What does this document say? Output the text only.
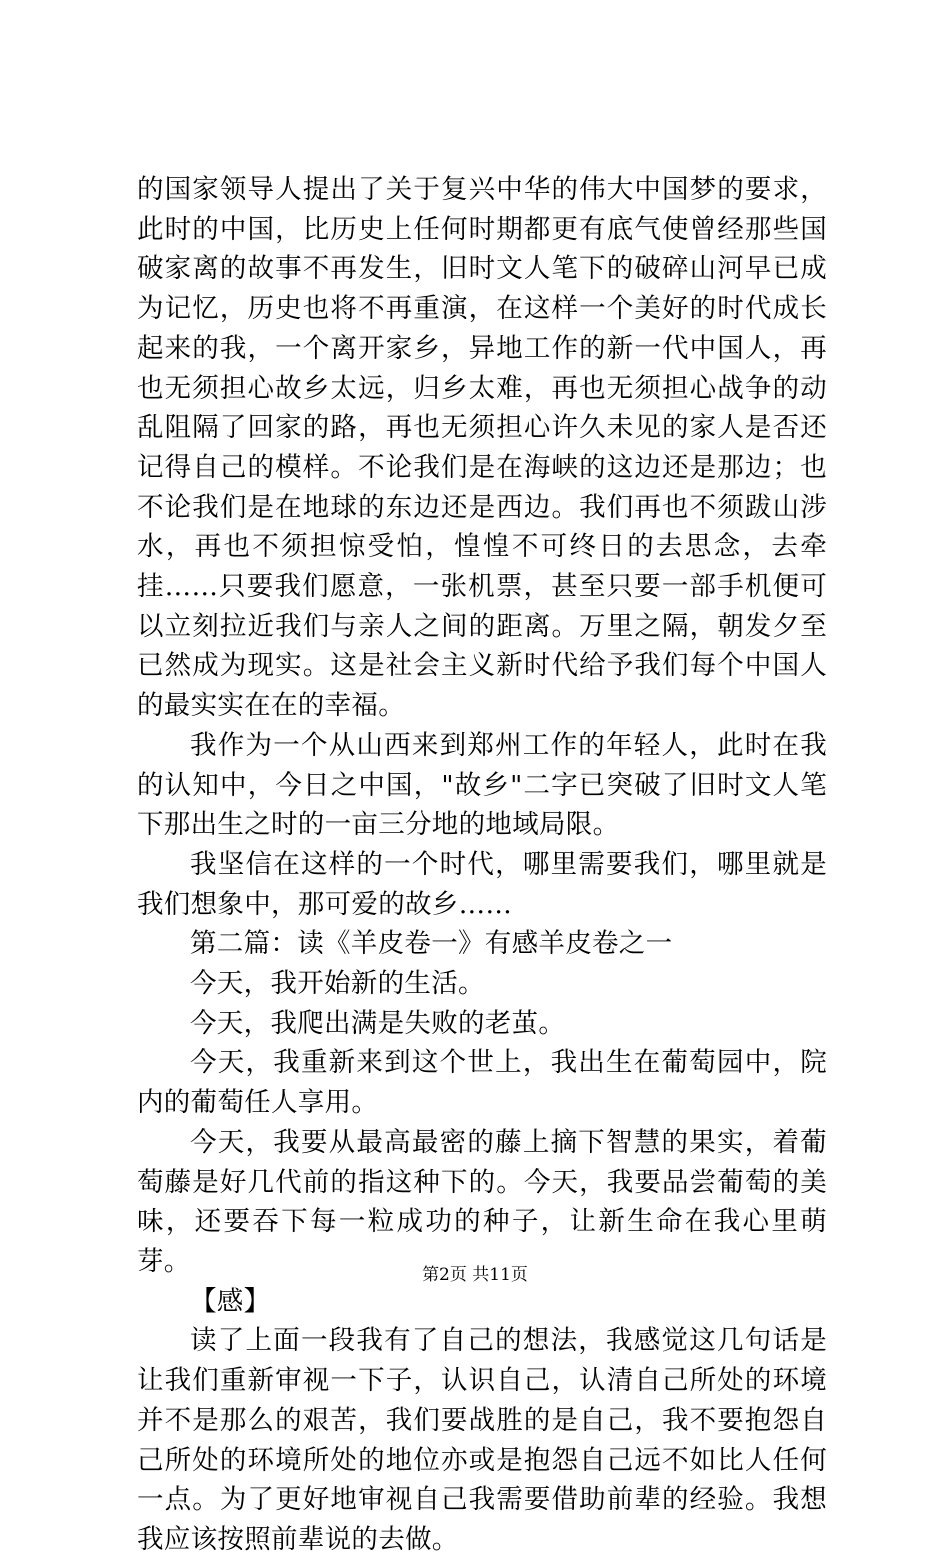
的国家领导人提出了关于复兴中华的伟大中国梦的要求，此时的中国，比历史上任何时期都更有底气使曾经那些国破家离的故事不再发生，旧时文人笔下的破碎山河早已成为记忆，历史也将不再重演，在这样一个美好的时代成长起来的我，一个离开家乡，异地工作的新一代中国人，再也无须担心故乡太远，归乡太难，再也无须担心战争的动乱阻隔了回家的路，再也无须担心许久未见的家人是否还记得自己的模样。不论我们是在海峡的这边还是那边；也不论我们是在地球的东边还是西边。我们再也不须跋山涉水，再也不须担惊受怕，惶惶不可终日的去思念，去牵挂……只要我们愿意，一张机票，甚至只要一部手机便可以立刻拉近我们与亲人之间的距离。万里之隔，朝发夕至已然成为现实。这是社会主义新时代给予我们每个中国人的最实实在在的幸福。

我作为一个从山西来到郑州工作的年轻人，此时在我的认知中，今日之中国，"故乡"二字已突破了旧时文人笔下那出生之时的一亩三分地的地域局限。

我坚信在这样的一个时代，哪里需要我们，哪里就是我们想象中，那可爱的故乡……

第二篇：读《羊皮卷一》有感羊皮卷之一

今天，我开始新的生活。

今天，我爬出满是失败的老茧。

今天，我重新来到这个世上，我出生在葡萄园中，院内的葡萄任人享用。

今天，我要从最高最密的藤上摘下智慧的果实，着葡萄藤是好几代前的指这种下的。今天，我要品尝葡萄的美味，还要吞下每一粒成功的种子，让新生命在我心里萌芽。

【感】

读了上面一段我有了自己的想法，我感觉这几句话是让我们重新审视一下子，认识自己，认清自己所处的环境并不是那么的艰苦，我们要战胜的是自己，我不要抱怨自己所处的环境所处的地位亦或是抱怨自己远不如比人任何一点。为了更好地审视自己我需要借助前辈的经验。我想我应该按照前辈说的去做。

第2页 共11页
